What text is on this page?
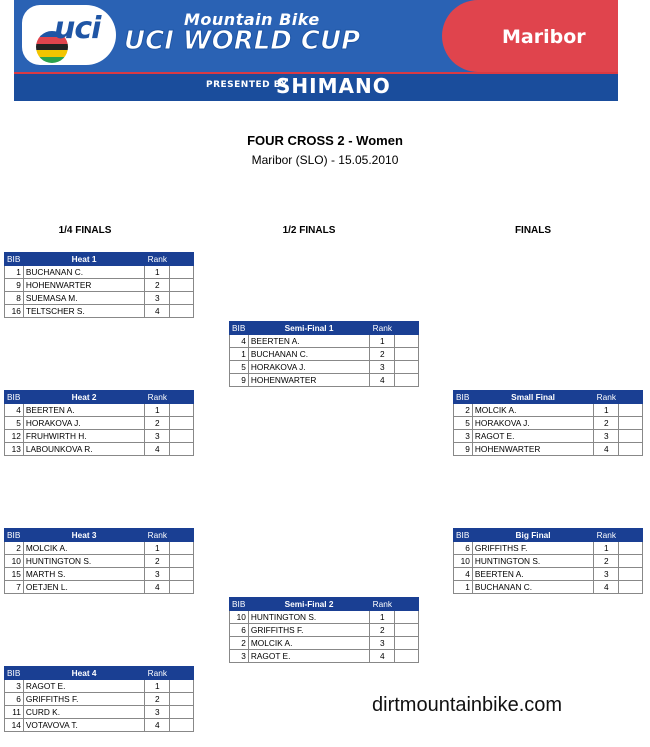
uci	Mountain Bike
UCI WORLD CUP	Maribor
PRESENTED BY
SHIMANO
FOUR CROSS 2 - Women
Maribor (SLO) - 15.05.2010
1/4 FINALS	1/2 FINALS	FINALS
BIB	Heat 1	Rank	
1	BUCHANAN C.	1	
9	HOHENWARTER	2	
8	SUEMASA M.	3	
16	TELTSCHER S.	4	
BIB	Heat 2	Rank	
4	BEERTEN A.	1	
5	HORAKOVA J.	2	
12	FRUHWIRTH H.	3	
13	LABOUNKOVA R.	4	
BIB	Heat 3	Rank	
2	MOLCIK A.	1	
10	HUNTINGTON S.	2	
15	MARTH S.	3	
7	OETJEN L.	4	
BIB	Heat 4	Rank	
3	RAGOT E.	1	
6	GRIFFITHS F.	2	
11	CURD K.	3	
14	VOTAVOVA T.	4	
BIB	Semi-Final 1	Rank	
4	BEERTEN A.	1	
1	BUCHANAN C.	2	
5	HORAKOVA J.	3	
9	HOHENWARTER	4	
BIB	Semi-Final 2	Rank	
10	HUNTINGTON S.	1	
6	GRIFFITHS F.	2	
2	MOLCIK A.	3	
3	RAGOT E.	4	
BIB	Small Final	Rank	
2	MOLCIK A.	1	
5	HORAKOVA J.	2	
3	RAGOT E.	3	
9	HOHENWARTER	4	
BIB	Big Final	Rank	
6	GRIFFITHS F.	1	
10	HUNTINGTON S.	2	
4	BEERTEN A.	3	
1	BUCHANAN C.	4	
dirtmountainbike.com
